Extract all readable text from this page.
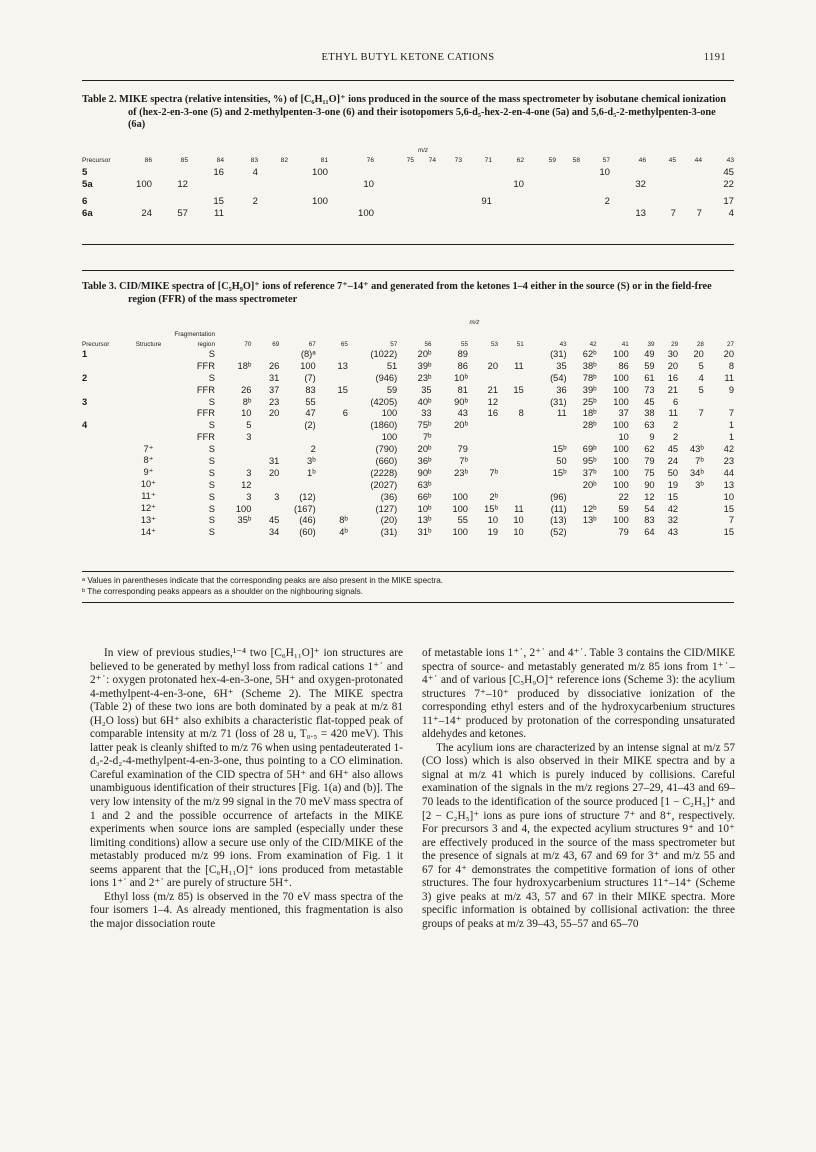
ETHYL BUTYL KETONE CATIONS	1191
Table 2. MIKE spectra (relative intensities, %) of [C₆H₁₁O]⁺ ions produced in the source of the mass spectrometer by isobutane chemical ionization of (hex-2-en-3-one (5) and 2-methylpenten-3-one (6) and their isotopomers 5,6-d₅-hex-2-en-4-one (5a) and 5,6-d₅-2-methylpenten-3-one (6a)
	m/z																		
Precursor	86	85	84	83	82	81	76	75	74	73	71	62	59	58	57	46	45	44	43
5			16	4		100									10				45
5a	100	12					10					10				32			22

6			15	2		100					91				2				17
6a	24	57	11				100									13	7	7	4
Table 3. CID/MIKE spectra of [C₅H₉O]⁺ ions of reference 7⁺–14⁺ and generated from the ketones 1–4 either in the source (S) or in the field-free region (FFR) of the mass spectrometer
			m/z															
		Fragmentation																
Precursor	Structure	region	70	69	67	65	57	56	55	53	51	43	42	41	39	29	28	27
1		S			(8)ᵃ		(1022)	20ᵇ	89			(31)	62ᵇ	100	49	30	20	20
		FFR	18ᵇ	26	100	13	51	39ᵇ	86	20	11	35	38ᵇ	86	59	20	5	8
2		S		31	(7)		(946)	23ᵇ	10ᵇ			(54)	78ᵇ	100	61	16	4	11
		FFR	26	37	83	15	59	35	81	21	15	36	39ᵇ	100	73	21	5	9
3		S	8ᵇ	23	55		(4205)	40ᵇ	90ᵇ	12		(31)	25ᵇ	100	45	6		
		FFR	10	20	47	6	100	33	43	16	8	11	18ᵇ	37	38	11	7	7
4		S	5		(2)		(1860)	75ᵇ	20ᵇ				28ᵇ	100	63	2		1
		FFR	3				100	7ᵇ						10	9	2		1
	7⁺	S			2		(790)	20ᵇ	79			15ᵇ	69ᵇ	100	62	45	43ᵇ	42
	8⁺	S		31	3ᵇ		(660)	36ᵇ	7ᵇ			50	95ᵇ	100	79	24	7ᵇ	23
	9⁺	S	3	20	1ᵇ		(2228)	90ᵇ	23ᵇ	7ᵇ		15ᵇ	37ᵇ	100	75	50	34ᵇ	44
	10⁺	S	12				(2027)	63ᵇ					20ᵇ	100	90	19	3ᵇ	13
	11⁺	S	3	3	(12)		(36)	66ᵇ	100	2ᵇ		(96)		22	12	15		10
	12⁺	S	100		(167)		(127)	10ᵇ	100	15ᵇ	11	(11)	12ᵇ	59	54	42		15
	13⁺	S	35ᵇ	45	(46)	8ᵇ	(20)	13ᵇ	55	10	10	(13)	13ᵇ	100	83	32		7
	14⁺	S		34	(60)	4ᵇ	(31)	31ᵇ	100	19	10	(52)		79	64	43		15
ᵃ Values in parentheses indicate that the corresponding peaks are also present in the MIKE spectra.
ᵇ The corresponding peaks appears as a shoulder on the nighbouring signals.

In view of previous studies,¹⁻⁴ two [C₆H₁₁O]⁺ ion structures are believed to be generated by methyl loss from radical cations 1⁺˙ and 2⁺˙: oxygen protonated hex-4-en-3-one, 5H⁺ and oxygen-protonated 4-methylpent-4-en-3-one, 6H⁺ (Scheme 2). The MIKE spectra (Table 2) of these two ions are both dominated by a peak at m/z 81 (H₂O loss) but 6H⁺ also exhibits a characteristic flat-topped peak of comparable intensity at m/z 71 (loss of 28 u, T₀.₅ = 420 meV). This latter peak is cleanly shifted to m/z 76 when using pentadeuterated 1-d₃-2-d₂-4-methylpent-4-en-3-one, thus pointing to a CO elimination. Careful examination of the CID spectra of 5H⁺ and 6H⁺ also allows unambiguous identification of their structures [Fig. 1(a) and (b)]. The very low intensity of the m/z 99 signal in the 70 meV mass spectra of 1 and 2 and the possible occurrence of artefacts in the MIKE experiments when source ions are sampled (especially under these limiting conditions) allow a secure use only of the CID/MIKE of the metastably produced m/z 99 ions. From examination of Fig. 1 it seems apparent that the [C₆H₁₁O]⁺ ions produced from metastable ions 1⁺˙ and 2⁺˙ are purely of structure 5H⁺.

Ethyl loss (m/z 85) is observed in the 70 eV mass spectra of the four isomers 1–4. As already mentioned, this fragmentation is also the major dissociation route

of metastable ions 1⁺˙, 2⁺˙ and 4⁺˙. Table 3 contains the CID/MIKE spectra of source- and metastably generated m/z 85 ions from 1⁺˙–4⁺˙ and of various [C₅H₉O]⁺ reference ions (Scheme 3): the acylium structures 7⁺–10⁺ produced by dissociative ionization of the corresponding ethyl esters and of the hydroxycarbenium structures 11⁺–14⁺ produced by protonation of the corresponding unsaturated aldehydes and ketones.

The acylium ions are characterized by an intense signal at m/z 57 (CO loss) which is also observed in their MIKE spectra and by a signal at m/z 41 which is purely induced by collisions. Careful examination of the signals in the m/z regions 27–29, 41–43 and 69–70 leads to the identification of the source produced [1 − C₂H₅]⁺ and [2 − C₂H₅]⁺ ions as pure ions of structure 7⁺ and 8⁺, respectively. For precursors 3 and 4, the expected acylium structures 9⁺ and 10⁺ are effectively produced in the source of the mass spectrometer but the presence of signals at m/z 43, 67 and 69 for 3⁺ and m/z 55 and 67 for 4⁺ demonstrates the competitive formation of ions of other structures. The four hydroxycarbenium structures 11⁺–14⁺ (Scheme 3) give peaks at m/z 43, 57 and 67 in their MIKE spectra. More specific information is obtained by collisional activation: the three groups of peaks at m/z 39–43, 55–57 and 65–70
